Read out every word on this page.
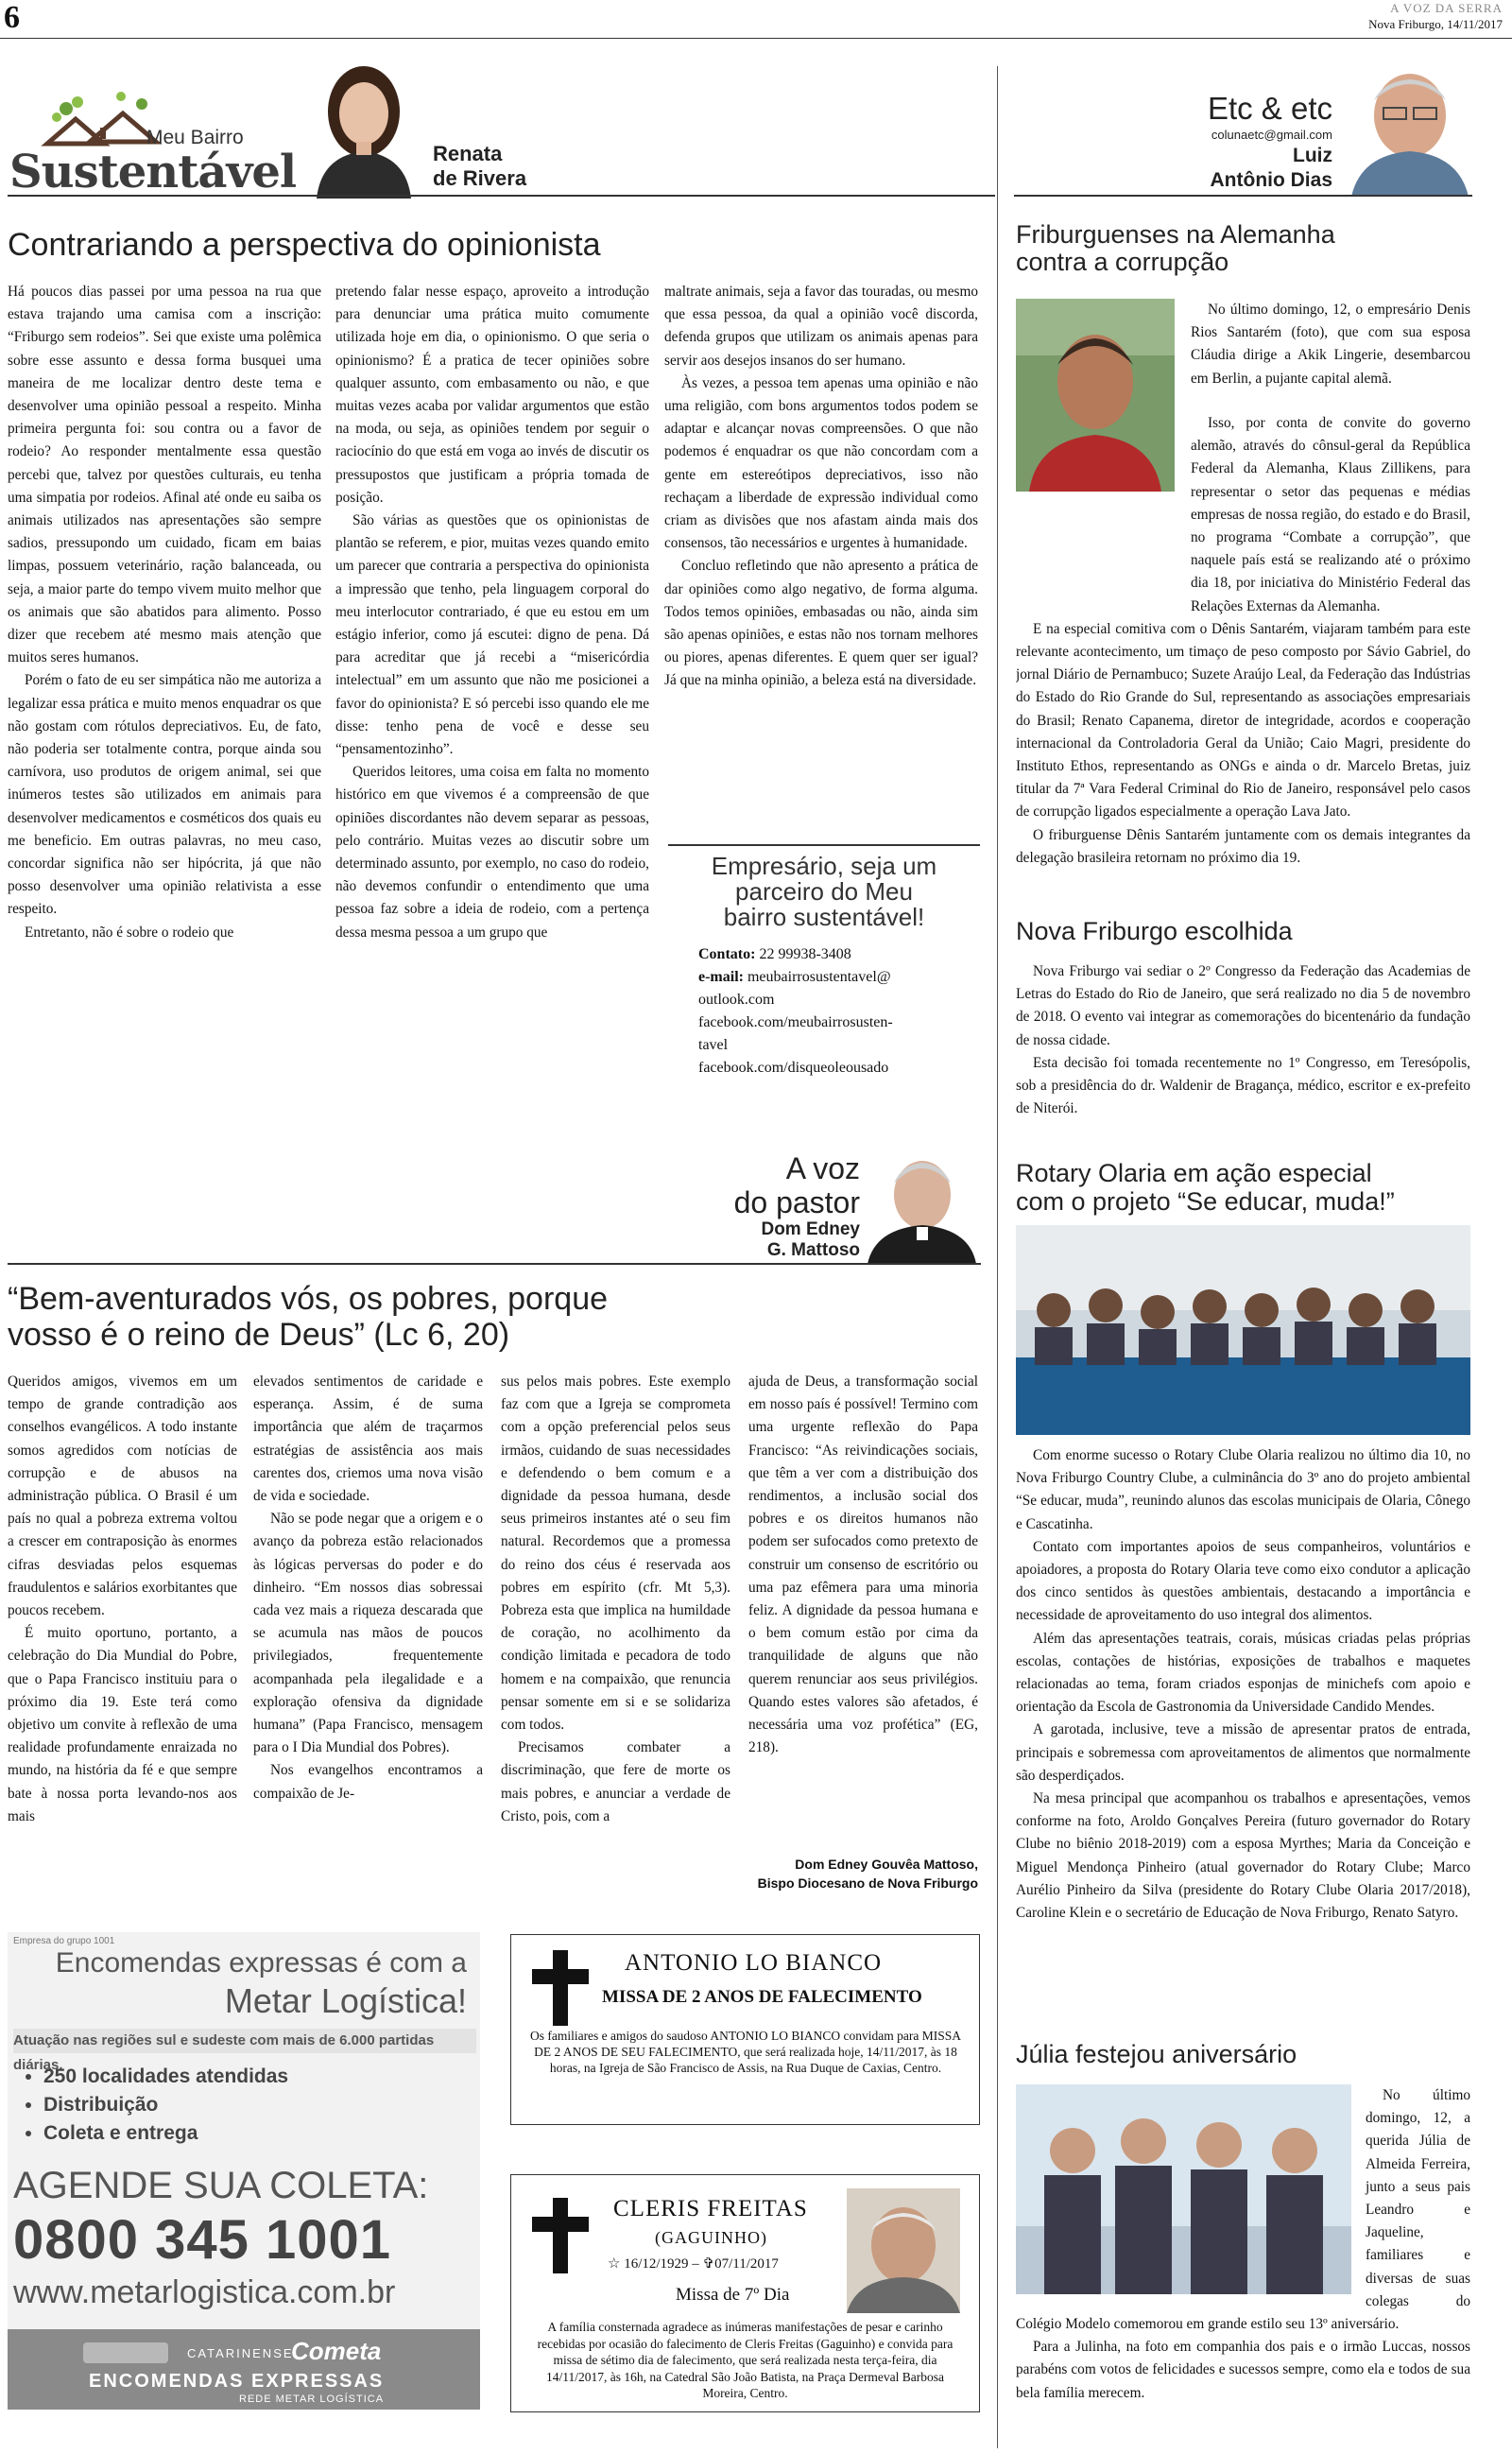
6	A VOZ DA SERRA
Nova Friburgo, 14/11/2017
Meu Bairro
Sustentável	Renata
de Rivera
Contrariando a perspectiva do opinionista

Há poucos dias passei por uma pessoa na rua que estava trajando uma camisa com a inscrição: “Friburgo sem rodeios”. Sei que existe uma polêmica sobre esse assunto e dessa forma busquei uma maneira de me localizar dentro deste tema e desenvolver uma opinião pessoal a respeito. Minha primeira pergunta foi: sou contra ou a favor de rodeio? Ao responder mentalmente essa questão percebi que, talvez por questões culturais, eu tenha uma simpatia por rodeios. Afinal até onde eu saiba os animais utilizados nas apresentações são sempre sadios, pressupondo um cuidado, ficam em baias limpas, possuem veterinário, ração balanceada, ou seja, a maior parte do tempo vivem muito melhor que os animais que são abatidos para alimento. Posso dizer que recebem até mesmo mais atenção que muitos seres humanos.

Porém o fato de eu ser simpática não me autoriza a legalizar essa prática e muito menos enquadrar os que não gostam com rótulos depreciativos. Eu, de fato, não poderia ser totalmente contra, porque ainda sou carnívora, uso produtos de origem animal, sei que inúmeros testes são utilizados em animais para desenvolver medicamentos e cosméticos dos quais eu me beneficio. Em outras palavras, no meu caso, concordar significa não ser hipócrita, já que não posso desenvolver uma opinião relativista a esse respeito.

Entretanto, não é sobre o rodeio que

pretendo falar nesse espaço, aproveito a introdução para denunciar uma prática muito comumente utilizada hoje em dia, o opinionismo. O que seria o opinionismo? É a pratica de tecer opiniões sobre qualquer assunto, com embasamento ou não, e que muitas vezes acaba por validar argumentos que estão na moda, ou seja, as opiniões tendem por seguir o raciocínio do que está em voga ao invés de discutir os pressupostos que justificam a própria tomada de posição.

São várias as questões que os opinionistas de plantão se referem, e pior, muitas vezes quando emito um parecer que contraria a perspectiva do opinionista a impressão que tenho, pela linguagem corporal do meu interlocutor contrariado, é que eu estou em um estágio inferior, como já escutei: digno de pena. Dá para acreditar que já recebi a “misericórdia intelectual” em um assunto que não me posicionei a favor do opinionista? E só percebi isso quando ele me disse: tenho pena de você e desse seu “pensamentozinho”.

Queridos leitores, uma coisa em falta no momento histórico em que vivemos é a compreensão de que opiniões discordantes não devem separar as pessoas, pelo contrário. Muitas vezes ao discutir sobre um determinado assunto, por exemplo, no caso do rodeio, não devemos confundir o entendimento que uma pessoa faz sobre a ideia de rodeio, com a pertença dessa mesma pessoa a um grupo que

maltrate animais, seja a favor das touradas, ou mesmo que essa pessoa, da qual a opinião você discorda, defenda grupos que utilizam os animais apenas para servir aos desejos insanos do ser humano.

Às vezes, a pessoa tem apenas uma opinião e não uma religião, com bons argumentos todos podem se adaptar e alcançar novas compreensões. O que não podemos é enquadrar os que não concordam com a gente em estereótipos depreciativos, isso não rechaçam a liberdade de expressão individual como criam as divisões que nos afastam ainda mais dos consensos, tão necessários e urgentes à humanidade.

Concluo refletindo que não apresento a prática de dar opiniões como algo negativo, de forma alguma. Todos temos opiniões, embasadas ou não, ainda sim são apenas opiniões, e estas não nos tornam melhores ou piores, apenas diferentes. E quem quer ser igual? Já que na minha opinião, a beleza está na diversidade.

Empresário, seja um
parceiro do Meu
bairro sustentável!
Contato: 22 99938-3408
e-mail: meubairrosustentavel@
outlook.com
facebook.com/meubairrosusten-
tavel
facebook.com/disqueoleousado
A voz
do pastor
Dom Edney
G. Mattoso
“Bem-aventurados vós, os pobres, porque
vosso é o reino de Deus” (Lc 6, 20)

Queridos amigos, vivemos em um tempo de grande contradição aos conselhos evangélicos. A todo instante somos agredidos com notícias de corrupção e de abusos na administração pública. O Brasil é um país no qual a pobreza extrema voltou a crescer em contraposição às enormes cifras desviadas pelos esquemas fraudulentos e salários exorbitantes que poucos recebem.

É muito oportuno, portanto, a celebração do Dia Mundial do Pobre, que o Papa Francisco instituiu para o próximo dia 19. Este terá como objetivo um convite à reflexão de uma realidade profundamente enraizada no mundo, na história da fé e que sempre bate à nossa porta levando-nos aos mais

elevados sentimentos de caridade e esperança. Assim, é de suma importância que além de traçarmos estratégias de assistência aos mais carentes dos, criemos uma nova visão de vida e sociedade.

Não se pode negar que a origem e o avanço da pobreza estão relacionados às lógicas perversas do poder e do dinheiro. “Em nossos dias sobressai cada vez mais a riqueza descarada que se acumula nas mãos de poucos privilegiados, frequentemente acompanhada pela ilegalidade e a exploração ofensiva da dignidade humana” (Papa Francisco, mensagem para o I Dia Mundial dos Pobres).

Nos evangelhos encontramos a compaixão de Je-

sus pelos mais pobres. Este exemplo faz com que a Igreja se comprometa com a opção preferencial pelos seus irmãos, cuidando de suas necessidades e defendendo o bem comum e a dignidade da pessoa humana, desde seus primeiros instantes até o seu fim natural. Recordemos que a promessa do reino dos céus é reservada aos pobres em espírito (cfr. Mt 5,3). Pobreza esta que implica na humildade de coração, no acolhimento da condição limitada e pecadora de todo homem e na compaixão, que renuncia pensar somente em si e se solidariza com todos.

Precisamos combater a discriminação, que fere de morte os mais pobres, e anunciar a verdade de Cristo, pois, com a

ajuda de Deus, a transformação social em nosso país é possível! Termino com uma urgente reflexão do Papa Francisco: “As reivindicações sociais, que têm a ver com a distribuição dos rendimentos, a inclusão social dos pobres e os direitos humanos não podem ser sufocados como pretexto de construir um consenso de escritório ou uma paz efêmera para uma minoria feliz. A dignidade da pessoa humana e o bem comum estão por cima da tranquilidade de alguns que não querem renunciar aos seus privilégios. Quando estes valores são afetados, é necessária uma voz profética” (EG, 218).

Dom Edney Gouvêa Mattoso,
Bispo Diocesano de Nova Friburgo
Empresa do grupo 1001
Encomendas expressas é com a
Metar Logística!
Atuação nas regiões sul e sudeste com mais de 6.000 partidas diárias.
• 250 localidades atendidas
• Distribuição
• Coleta e entrega
AGENDE SUA COLETA:
0800 345 1001
www.metarlogistica.com.br
CATARINENSE
Cometa
ENCOMENDAS EXPRESSAS
REDE METAR LOGÍSTICA
ANTONIO LO BIANCO
MISSA DE 2 ANOS DE FALECIMENTO
Os familiares e amigos do saudoso ANTONIO LO BIANCO convidam para MISSA DE 2 ANOS DE SEU FALECIMENTO, que será realizada hoje, 14/11/2017, às 18 horas, na Igreja de São Francisco de Assis, na Rua Duque de Caxias, Centro.
CLERIS FREITAS
(GAGUINHO)
☆ 16/12/1929 – ✞07/11/2017
Missa de 7º Dia
A família consternada agradece as inúmeras manifestações de pesar e carinho recebidas por ocasião do falecimento de Cleris Freitas (Gaguinho) e convida para missa de sétimo dia de falecimento, que será realizada nesta terça-feira, dia 14/11/2017, às 16h, na Catedral São João Batista, na Praça Dermeval Barbosa Moreira, Centro.
Etc & etc
colunaetc@gmail.com
Luiz
Antônio Dias
Friburguenses na Alemanha
contra a corrupção

No último domingo, 12, o empresário Denis Rios Santarém (foto), que com sua esposa Cláudia dirige a Akik Lingerie, desembarcou em Berlin, a pujante capital alemã.

Isso, por conta de convite do governo alemão, através do cônsul-geral da República Federal da Alemanha, Klaus Zillikens, para representar o setor das pequenas e médias empresas de nossa região, do estado e do Brasil, no programa “Combate a corrupção”, que naquele país está se realizando até o próximo dia 18, por iniciativa do Ministério Federal das Relações Externas da Alemanha.

E na especial comitiva com o Dênis Santarém, viajaram também para este relevante acontecimento, um timaço de peso composto por Sávio Gabriel, do jornal Diário de Pernambuco; Suzete Araújo Leal, da Federação das Indústrias do Estado do Rio Grande do Sul, representando as associações empresariais do Brasil; Renato Capanema, diretor de integridade, acordos e cooperação internacional da Controladoria Geral da União; Caio Magri, presidente do Instituto Ethos, representando as ONGs e ainda o dr. Marcelo Bretas, juiz titular da 7ª Vara Federal Criminal do Rio de Janeiro, responsável pelo casos de corrupção ligados especialmente a operação Lava Jato.

O friburguense Dênis Santarém juntamente com os demais integrantes da delegação brasileira retornam no próximo dia 19.

Nova Friburgo escolhida

Nova Friburgo vai sediar o 2º Congresso da Federação das Academias de Letras do Estado do Rio de Janeiro, que será realizado no dia 5 de novembro de 2018. O evento vai integrar as comemorações do bicentenário da fundação de nossa cidade.

Esta decisão foi tomada recentemente no 1º Congresso, em Teresópolis, sob a presidência do dr. Waldenir de Bragança, médico, escritor e ex-prefeito de Niterói.

Rotary Olaria em ação especial
com o projeto “Se educar, muda!”

Com enorme sucesso o Rotary Clube Olaria realizou no último dia 10, no Nova Friburgo Country Clube, a culminância do 3º ano do projeto ambiental “Se educar, muda”, reunindo alunos das escolas municipais de Olaria, Cônego e Cascatinha.

Contato com importantes apoios de seus companheiros, voluntários e apoiadores, a proposta do Rotary Olaria teve como eixo condutor a aplicação dos cinco sentidos às questões ambientais, destacando a importância e necessidade de aproveitamento do uso integral dos alimentos.

Além das apresentações teatrais, corais, músicas criadas pelas próprias escolas, contações de histórias, exposições de trabalhos e maquetes relacionadas ao tema, foram criados esponjas de minichefs com apoio e orientação da Escola de Gastronomia da Universidade Candido Mendes.

A garotada, inclusive, teve a missão de apresentar pratos de entrada, principais e sobremessa com aproveitamentos de alimentos que normalmente são desperdiçados.

Na mesa principal que acompanhou os trabalhos e apresentações, vemos conforme na foto, Aroldo Gonçalves Pereira (futuro governador do Rotary Clube no biênio 2018-2019) com a esposa Myrthes; Maria da Conceição e Miguel Mendonça Pinheiro (atual governador do Rotary Clube; Marco Aurélio Pinheiro da Silva (presidente do Rotary Clube Olaria 2017/2018), Caroline Klein e o secretário de Educação de Nova Friburgo, Renato Satyro.

Júlia festejou aniversário

No último domingo, 12, a querida Júlia de Almeida Ferreira, junto a seus pais Leandro e Jaqueline, familiares e diversas de suas colegas do Colégio Modelo comemorou em grande estilo seu 13º aniversário.

Para a Julinha, na foto em companhia dos pais e o irmão Luccas, nossos parabéns com votos de felicidades e sucessos sempre, como ela e todos de sua bela família merecem.
